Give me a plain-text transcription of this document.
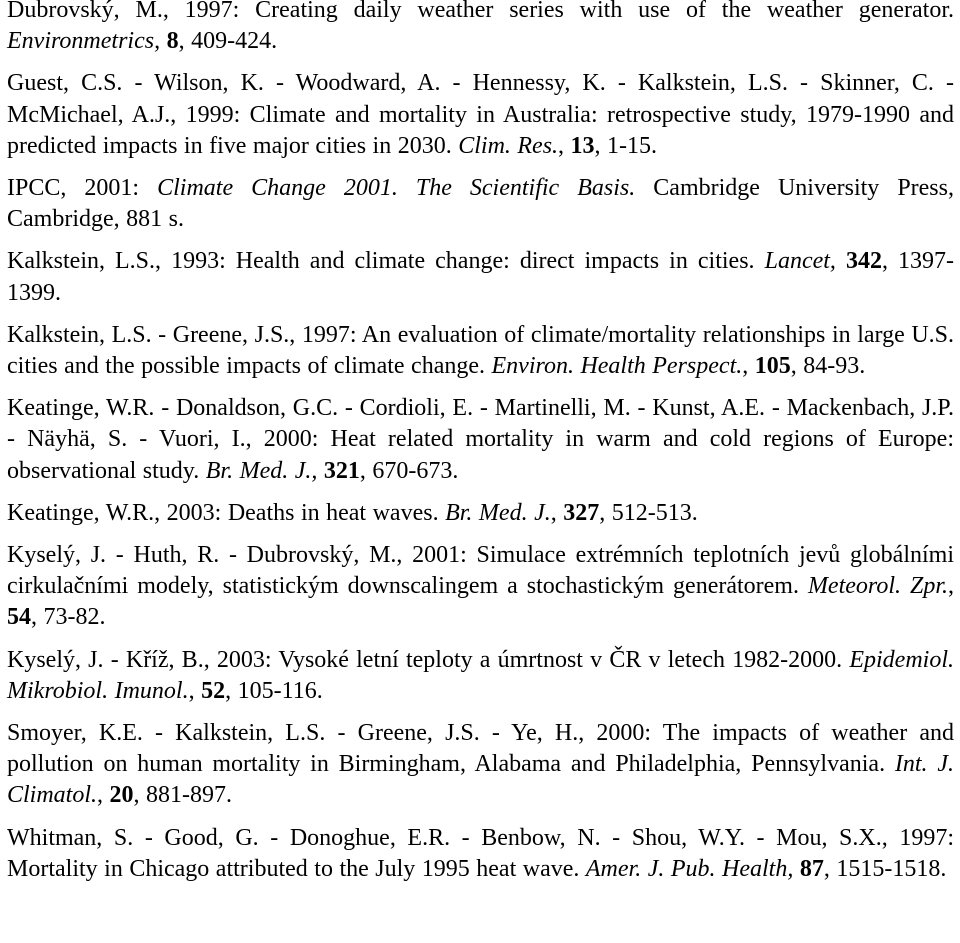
Dubrovský, M., 1997: Creating daily weather series with use of the weather generator. Environmetrics, 8, 409-424.
Guest, C.S. - Wilson, K. - Woodward, A. - Hennessy, K. - Kalkstein, L.S. - Skinner, C. - McMichael, A.J., 1999: Climate and mortality in Australia: retrospective study, 1979-1990 and predicted impacts in five major cities in 2030. Clim. Res., 13, 1-15.
IPCC, 2001: Climate Change 2001. The Scientific Basis. Cambridge University Press, Cambridge, 881 s.
Kalkstein, L.S., 1993: Health and climate change: direct impacts in cities. Lancet, 342, 1397-1399.
Kalkstein, L.S. - Greene, J.S., 1997: An evaluation of climate/mortality relationships in large U.S. cities and the possible impacts of climate change. Environ. Health Perspect., 105, 84-93.
Keatinge, W.R. - Donaldson, G.C. - Cordioli, E. - Martinelli, M. - Kunst, A.E. - Mackenbach, J.P. - Näyhä, S. - Vuori, I., 2000: Heat related mortality in warm and cold regions of Europe: observational study. Br. Med. J., 321, 670-673.
Keatinge, W.R., 2003: Deaths in heat waves. Br. Med. J., 327, 512-513.
Kyselý, J. - Huth, R. - Dubrovský, M., 2001: Simulace extrémních teplotních jevů globálními cirkulačními modely, statistickým downscalingem a stochastickým generátorem. Meteorol. Zpr., 54, 73-82.
Kyselý, J. - Kříž, B., 2003: Vysoké letní teploty a úmrtnost v ČR v letech 1982-2000. Epidemiol. Mikrobiol. Imunol., 52, 105-116.
Smoyer, K.E. - Kalkstein, L.S. - Greene, J.S. - Ye, H., 2000: The impacts of weather and pollution on human mortality in Birmingham, Alabama and Philadelphia, Pennsylvania. Int. J. Climatol., 20, 881-897.
Whitman, S. - Good, G. - Donoghue, E.R. - Benbow, N. - Shou, W.Y. - Mou, S.X., 1997: Mortality in Chicago attributed to the July 1995 heat wave. Amer. J. Pub. Health, 87, 1515-1518.
